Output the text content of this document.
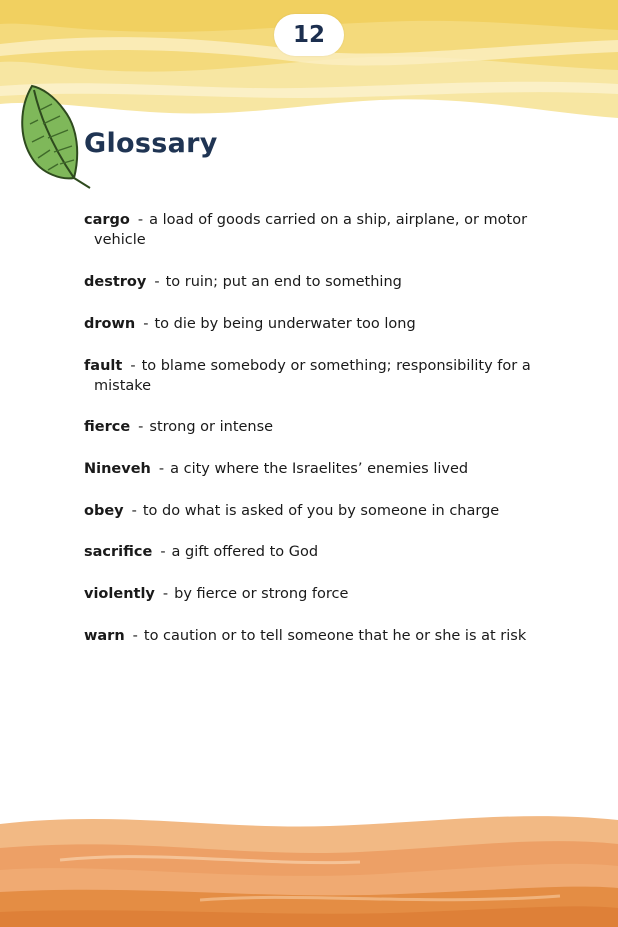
12
Glossary

cargo - a load of goods carried on a ship, airplane, or motor vehicle

destroy - to ruin; put an end to something

drown - to die by being underwater too long

fault - to blame somebody or something; responsibility for a mistake

fierce - strong or intense

Nineveh - a city where the Israelites’ enemies lived

obey - to do what is asked of you by someone in charge

sacrifice - a gift offered to God

violently - by fierce or strong force

warn - to caution or to tell someone that he or she is at risk
